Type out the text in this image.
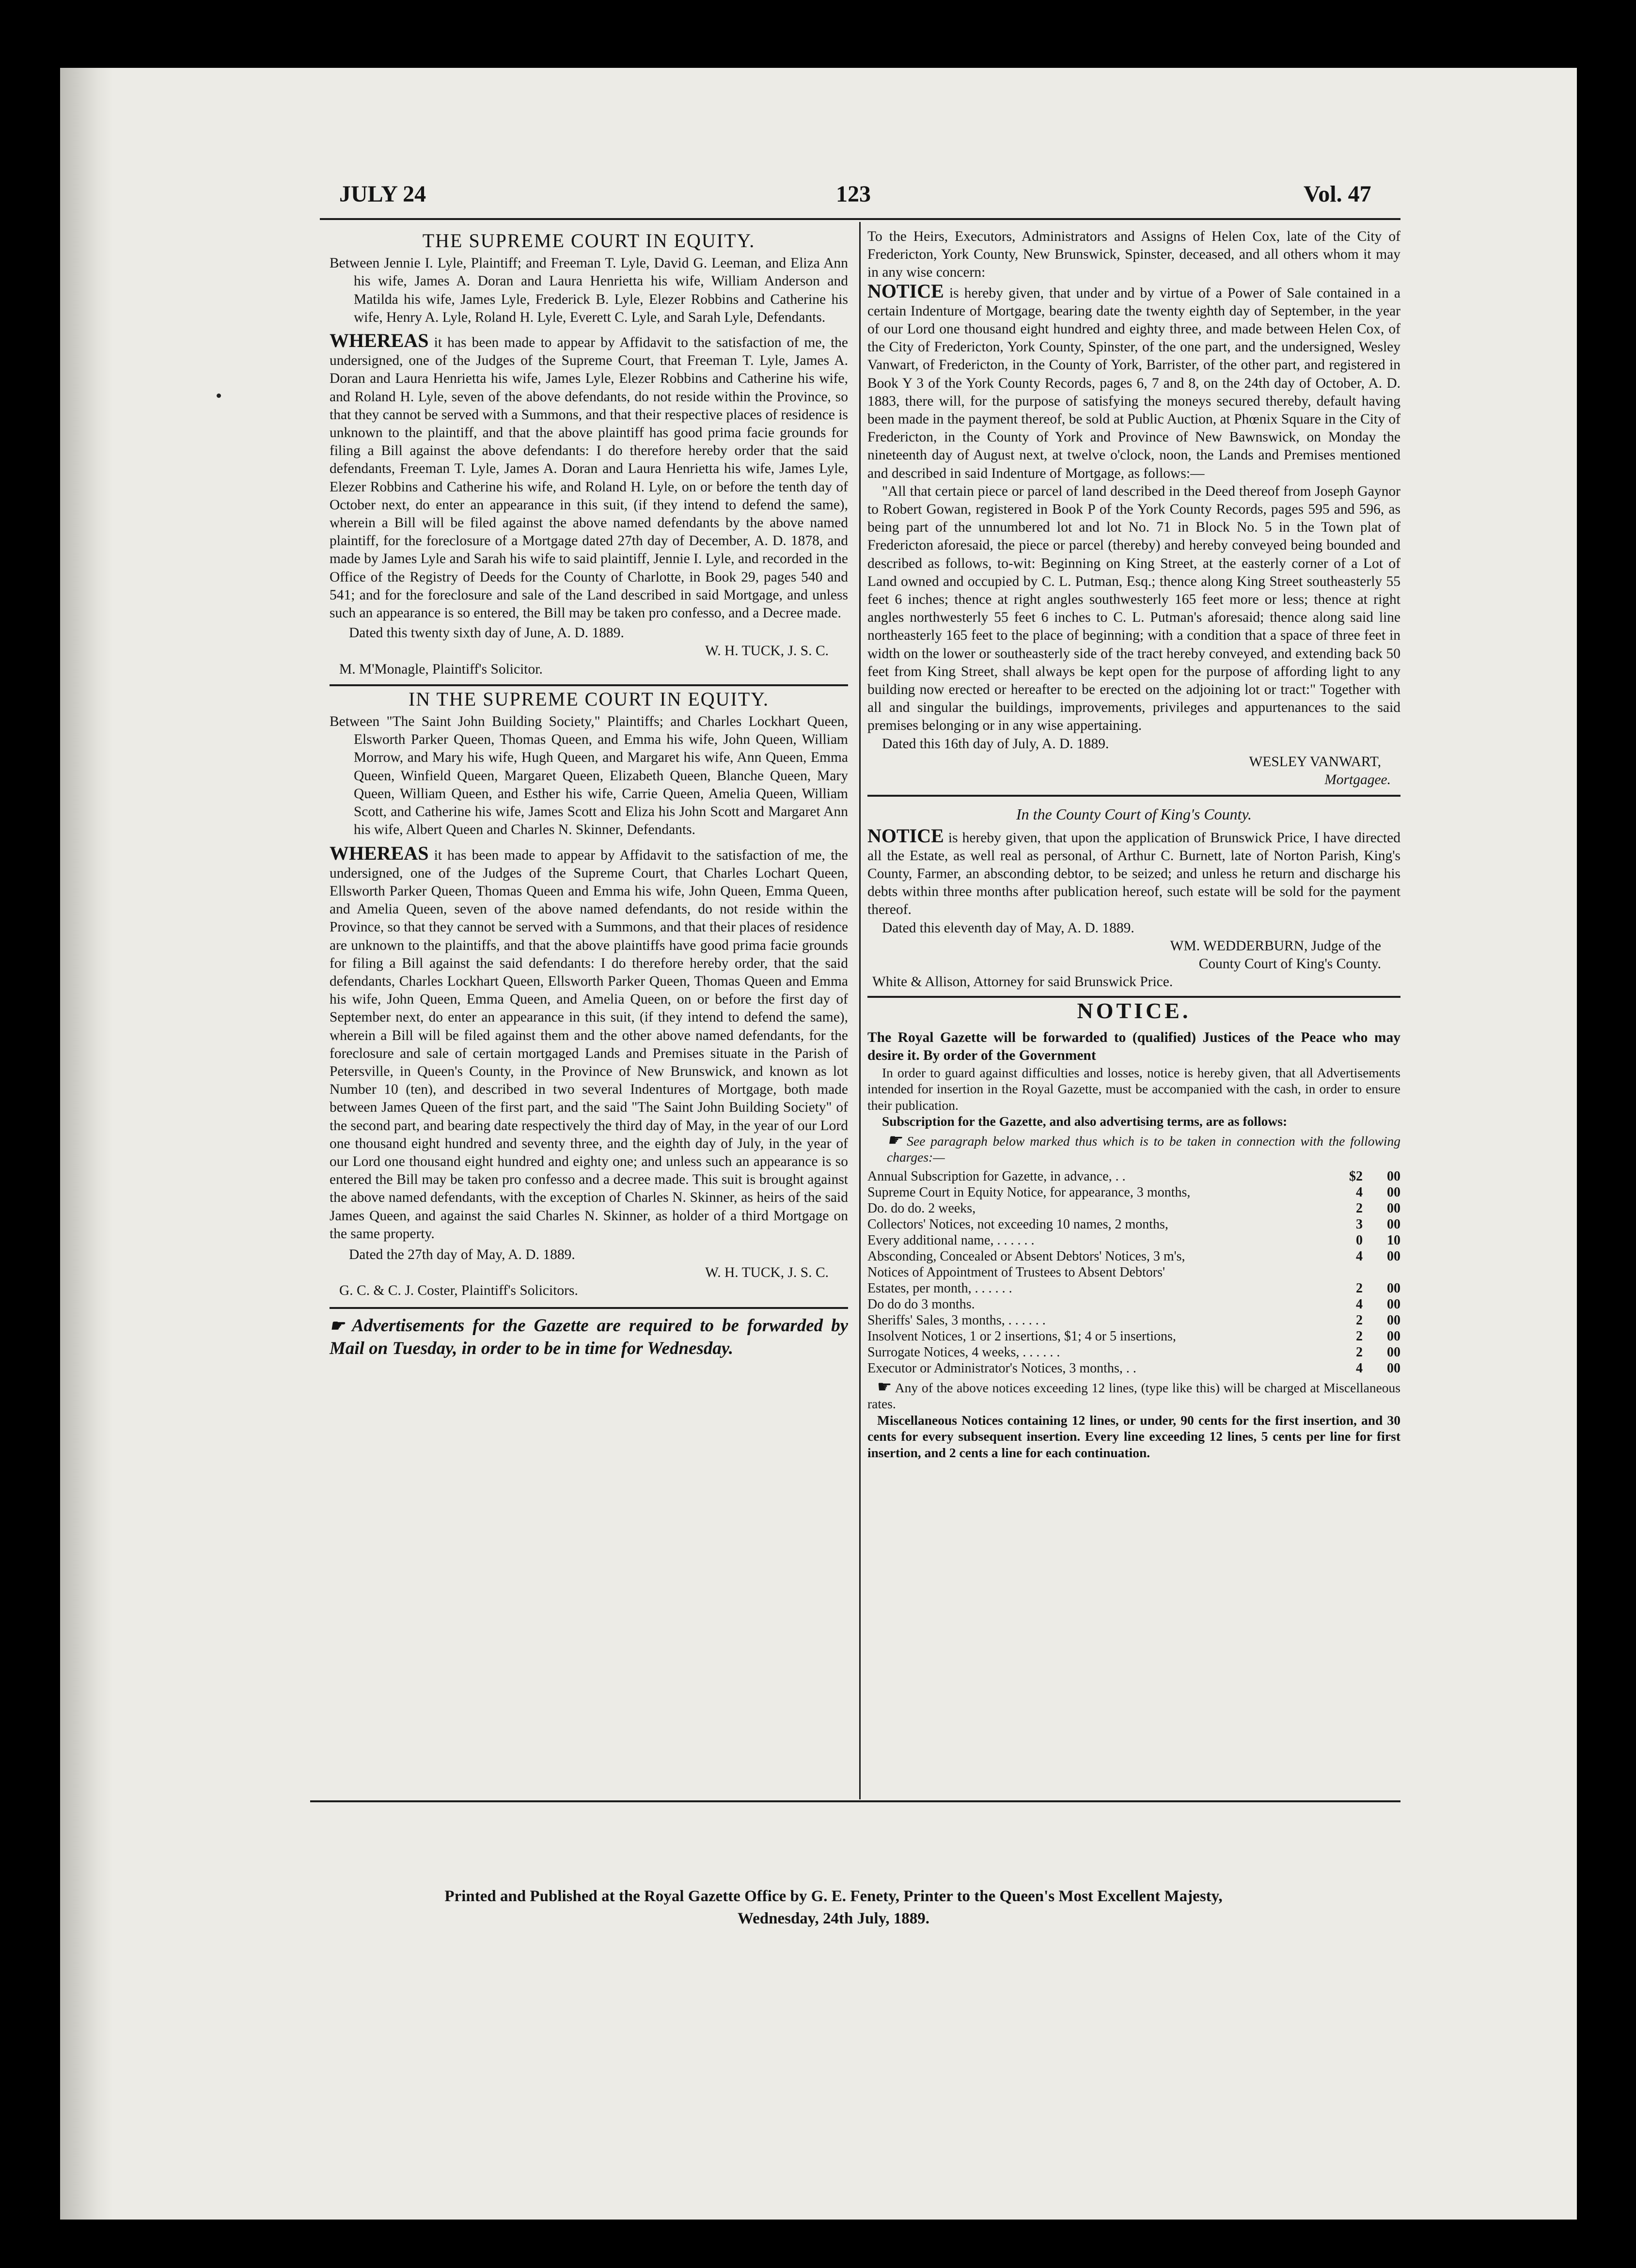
JULY 24	123	Vol. 47
THE SUPREME COURT IN EQUITY.

Between Jennie I. Lyle, Plaintiff; and Freeman T. Lyle, David G. Leeman, and Eliza Ann his wife, James A. Doran and Laura Henrietta his wife, William Anderson and Matilda his wife, James Lyle, Frederick B. Lyle, Elezer Robbins and Catherine his wife, Henry A. Lyle, Roland H. Lyle, Everett C. Lyle, and Sarah Lyle, Defendants.

WHEREAS it has been made to appear by Affidavit to the satisfaction of me, the undersigned, one of the Judges of the Supreme Court, that Freeman T. Lyle, James A. Doran and Laura Henrietta his wife, James Lyle, Elezer Robbins and Catherine his wife, and Roland H. Lyle, seven of the above defendants, do not reside within the Province, so that they cannot be served with a Summons, and that their respective places of residence is unknown to the plaintiff, and that the above plaintiff has good prima facie grounds for filing a Bill against the above defendants: I do therefore hereby order that the said defendants, Freeman T. Lyle, James A. Doran and Laura Henrietta his wife, James Lyle, Elezer Robbins and Catherine his wife, and Roland H. Lyle, on or before the tenth day of October next, do enter an appearance in this suit, (if they intend to defend the same), wherein a Bill will be filed against the above named defendants by the above named plaintiff, for the foreclosure of a Mortgage dated 27th day of December, A. D. 1878, and made by James Lyle and Sarah his wife to said plaintiff, Jennie I. Lyle, and recorded in the Office of the Registry of Deeds for the County of Charlotte, in Book 29, pages 540 and 541; and for the foreclosure and sale of the Land described in said Mortgage, and unless such an appearance is so entered, the Bill may be taken pro confesso, and a Decree made.

Dated this twenty sixth day of June, A. D. 1889.

W. H. TUCK, J. S. C.

M. M'Monagle, Plaintiff's Solicitor.

IN THE SUPREME COURT IN EQUITY.

Between "The Saint John Building Society," Plaintiffs; and Charles Lockhart Queen, Elsworth Parker Queen, Thomas Queen, and Emma his wife, John Queen, William Morrow, and Mary his wife, Hugh Queen, and Margaret his wife, Ann Queen, Emma Queen, Winfield Queen, Margaret Queen, Elizabeth Queen, Blanche Queen, Mary Queen, William Queen, and Esther his wife, Carrie Queen, Amelia Queen, William Scott, and Catherine his wife, James Scott and Eliza his John Scott and Margaret Ann his wife, Albert Queen and Charles N. Skinner, Defendants.

WHEREAS it has been made to appear by Affidavit to the satisfaction of me, the undersigned, one of the Judges of the Supreme Court, that Charles Lochart Queen, Ellsworth Parker Queen, Thomas Queen and Emma his wife, John Queen, Emma Queen, and Amelia Queen, seven of the above named defendants, do not reside within the Province, so that they cannot be served with a Summons, and that their places of residence are unknown to the plaintiffs, and that the above plaintiffs have good prima facie grounds for filing a Bill against the said defendants: I do therefore hereby order, that the said defendants, Charles Lockhart Queen, Ellsworth Parker Queen, Thomas Queen and Emma his wife, John Queen, Emma Queen, and Amelia Queen, on or before the first day of September next, do enter an appearance in this suit, (if they intend to defend the same), wherein a Bill will be filed against them and the other above named defendants, for the foreclosure and sale of certain mortgaged Lands and Premises situate in the Parish of Petersville, in Queen's County, in the Province of New Brunswick, and known as lot Number 10 (ten), and described in two several Indentures of Mortgage, both made between James Queen of the first part, and the said "The Saint John Building Society" of the second part, and bearing date respectively the third day of May, in the year of our Lord one thousand eight hundred and seventy three, and the eighth day of July, in the year of our Lord one thousand eight hundred and eighty one; and unless such an appearance is so entered the Bill may be taken pro confesso and a decree made. This suit is brought against the above named defendants, with the exception of Charles N. Skinner, as heirs of the said James Queen, and against the said Charles N. Skinner, as holder of a third Mortgage on the same property.

Dated the 27th day of May, A. D. 1889.

W. H. TUCK, J. S. C.

G. C. & C. J. Coster, Plaintiff's Solicitors.

☛ Advertisements for the Gazette are required to be forwarded by Mail on Tuesday, in order to be in time for Wednesday.

To the Heirs, Executors, Administrators and Assigns of Helen Cox, late of the City of Fredericton, York County, New Brunswick, Spinster, deceased, and all others whom it may in any wise concern:

NOTICE is hereby given, that under and by virtue of a Power of Sale contained in a certain Indenture of Mortgage, bearing date the twenty eighth day of September, in the year of our Lord one thousand eight hundred and eighty three, and made between Helen Cox, of the City of Fredericton, York County, Spinster, of the one part, and the undersigned, Wesley Vanwart, of Fredericton, in the County of York, Barrister, of the other part, and registered in Book Y 3 of the York County Records, pages 6, 7 and 8, on the 24th day of October, A. D. 1883, there will, for the purpose of satisfying the moneys secured thereby, default having been made in the payment thereof, be sold at Public Auction, at Phœnix Square in the City of Fredericton, in the County of York and Province of New Bawnswick, on Monday the nineteenth day of August next, at twelve o'clock, noon, the Lands and Premises mentioned and described in said Indenture of Mortgage, as follows:—

"All that certain piece or parcel of land described in the Deed thereof from Joseph Gaynor to Robert Gowan, registered in Book P of the York County Records, pages 595 and 596, as being part of the unnumbered lot and lot No. 71 in Block No. 5 in the Town plat of Fredericton aforesaid, the piece or parcel (thereby) and hereby conveyed being bounded and described as follows, to-wit: Beginning on King Street, at the easterly corner of a Lot of Land owned and occupied by C. L. Putman, Esq.; thence along King Street southeasterly 55 feet 6 inches; thence at right angles southwesterly 165 feet more or less; thence at right angles northwesterly 55 feet 6 inches to C. L. Putman's aforesaid; thence along said line northeasterly 165 feet to the place of beginning; with a condition that a space of three feet in width on the lower or southeasterly side of the tract hereby conveyed, and extending back 50 feet from King Street, shall always be kept open for the purpose of affording light to any building now erected or hereafter to be erected on the adjoining lot or tract:" Together with all and singular the buildings, improvements, privileges and appurtenances to the said premises belonging or in any wise appertaining.

Dated this 16th day of July, A. D. 1889.

WESLEY VANWART,

Mortgagee.

In the County Court of King's County.

NOTICE is hereby given, that upon the application of Brunswick Price, I have directed all the Estate, as well real as personal, of Arthur C. Burnett, late of Norton Parish, King's County, Farmer, an absconding debtor, to be seized; and unless he return and discharge his debts within three months after publication hereof, such estate will be sold for the payment thereof.

Dated this eleventh day of May, A. D. 1889.

WM. WEDDERBURN, Judge of the

County Court of King's County.

White & Allison, Attorney for said Brunswick Price.

NOTICE.

The Royal Gazette will be forwarded to (qualified) Justices of the Peace who may desire it. By order of the Government

In order to guard against difficulties and losses, notice is hereby given, that all Advertisements intended for insertion in the Royal Gazette, must be accompanied with the cash, in order to ensure their publication.

Subscription for the Gazette, and also advertising terms, are as follows:

☛ See paragraph below marked thus which is to be taken in connection with the following charges:—

Annual Subscription for Gazette, in advance, . .	$2	00
Supreme Court in Equity Notice, for appearance, 3 months,	4	00
Do. do do. 2 weeks,	2	00
Collectors' Notices, not exceeding 10 names, 2 months,	3	00
Every additional name, . . . . . .	0	10
Absconding, Concealed or Absent Debtors' Notices, 3 m's,	4	00
Notices of Appointment of Trustees to Absent Debtors'
Estates, per month, . . . . . .	2	00
Do do do 3 months.	4	00
Sheriffs' Sales, 3 months, . . . . . .	2	00
Insolvent Notices, 1 or 2 insertions, $1; 4 or 5 insertions,	2	00
Surrogate Notices, 4 weeks, . . . . . .	2	00
Executor or Administrator's Notices, 3 months, . .	4	00

☛ Any of the above notices exceeding 12 lines, (type like this) will be charged at Miscellaneous rates.

Miscellaneous Notices containing 12 lines, or under, 90 cents for the first insertion, and 30 cents for every subsequent insertion. Every line exceeding 12 lines, 5 cents per line for first insertion, and 2 cents a line for each continuation.

Printed and Published at the Royal Gazette Office by G. E. Fenety, Printer to the Queen's Most Excellent Majesty,
Wednesday, 24th July, 1889.
